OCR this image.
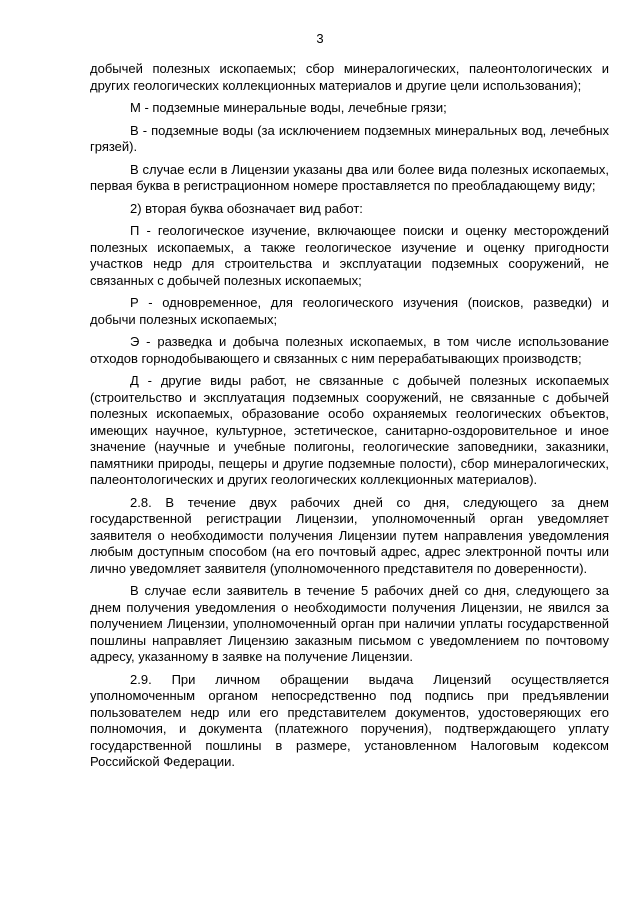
3

добычей полезных ископаемых; сбор минералогических, палеонтологических и других геологических коллекционных материалов и другие цели использования);

М - подземные минеральные воды, лечебные грязи;

В - подземные воды (за исключением подземных минеральных вод, лечебных грязей).

В случае если в Лицензии указаны два или более вида полезных ископаемых, первая буква в регистрационном номере проставляется по преобладающему виду;

2) вторая буква обозначает вид работ:

П - геологическое изучение, включающее поиски и оценку месторождений полезных ископаемых, а также геологическое изучение и оценку пригодности участков недр для строительства и эксплуатации подземных сооружений, не связанных с добычей полезных ископаемых;

Р - одновременное, для геологического изучения (поисков, разведки) и добычи полезных ископаемых;

Э - разведка и добыча полезных ископаемых, в том числе использование отходов горнодобывающего и связанных с ним перерабатывающих производств;

Д - другие виды работ, не связанные с добычей полезных ископаемых (строительство и эксплуатация подземных сооружений, не связанные с добычей полезных ископаемых, образование особо охраняемых геологических объектов, имеющих научное, культурное, эстетическое, санитарно-оздоровительное и иное значение (научные и учебные полигоны, геологические заповедники, заказники, памятники природы, пещеры и другие подземные полости), сбор минералогических, палеонтологических и других геологических коллекционных материалов).

2.8. В течение двух рабочих дней со дня, следующего за днем государственной регистрации Лицензии, уполномоченный орган уведомляет заявителя о необходимости получения Лицензии путем направления уведомления любым доступным способом (на его почтовый адрес, адрес электронной почты или лично уведомляет заявителя (уполномоченного представителя по доверенности).

В случае если заявитель в течение 5 рабочих дней со дня, следующего за днем получения уведомления о необходимости получения Лицензии, не явился за получением Лицензии, уполномоченный орган при наличии уплаты государственной пошлины направляет Лицензию заказным письмом с уведомлением по почтовому адресу, указанному в заявке на получение Лицензии.

2.9. При личном обращении выдача Лицензий осуществляется уполномоченным органом непосредственно под подпись при предъявлении пользователем недр или его представителем документов, удостоверяющих его полномочия, и документа (платежного поручения), подтверждающего уплату государственной пошлины в размере, установленном Налоговым кодексом Российской Федерации.
